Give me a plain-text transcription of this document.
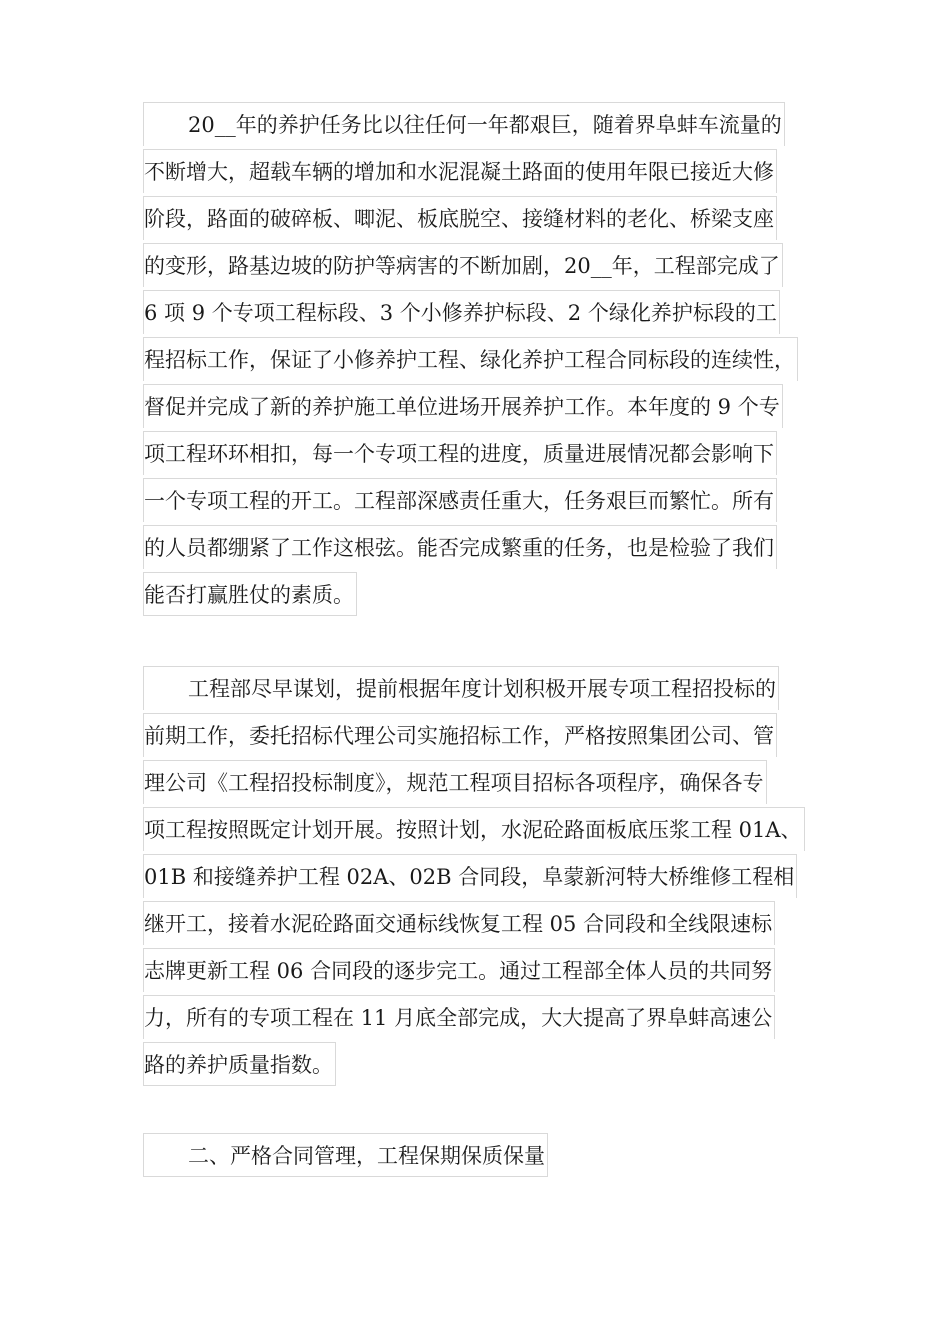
20__年的养护任务比以往任何一年都艰巨，随着界阜蚌车流量的
不断增大，超载车辆的增加和水泥混凝土路面的使用年限已接近大修
阶段，路面的破碎板、唧泥、板底脱空、接缝材料的老化、桥梁支座
的变形，路基边坡的防护等病害的不断加剧，20__年，工程部完成了
6 项 9 个专项工程标段、3 个小修养护标段、2 个绿化养护标段的工
程招标工作，保证了小修养护工程、绿化养护工程合同标段的连续性，
督促并完成了新的养护施工单位进场开展养护工作。本年度的 9 个专
项工程环环相扣，每一个专项工程的进度，质量进展情况都会影响下
一个专项工程的开工。工程部深感责任重大，任务艰巨而繁忙。所有
的人员都绷紧了工作这根弦。能否完成繁重的任务，也是检验了我们
能否打赢胜仗的素质。
工程部尽早谋划，提前根据年度计划积极开展专项工程招投标的
前期工作，委托招标代理公司实施招标工作，严格按照集团公司、管
理公司《工程招投标制度》，规范工程项目招标各项程序，确保各专
项工程按照既定计划开展。按照计划，水泥砼路面板底压浆工程 01A、
01B 和接缝养护工程 02A、02B 合同段，阜蒙新河特大桥维修工程相
继开工，接着水泥砼路面交通标线恢复工程 05 合同段和全线限速标
志牌更新工程 06 合同段的逐步完工。通过工程部全体人员的共同努
力，所有的专项工程在 11 月底全部完成，大大提高了界阜蚌高速公
路的养护质量指数。
二、严格合同管理，工程保期保质保量
